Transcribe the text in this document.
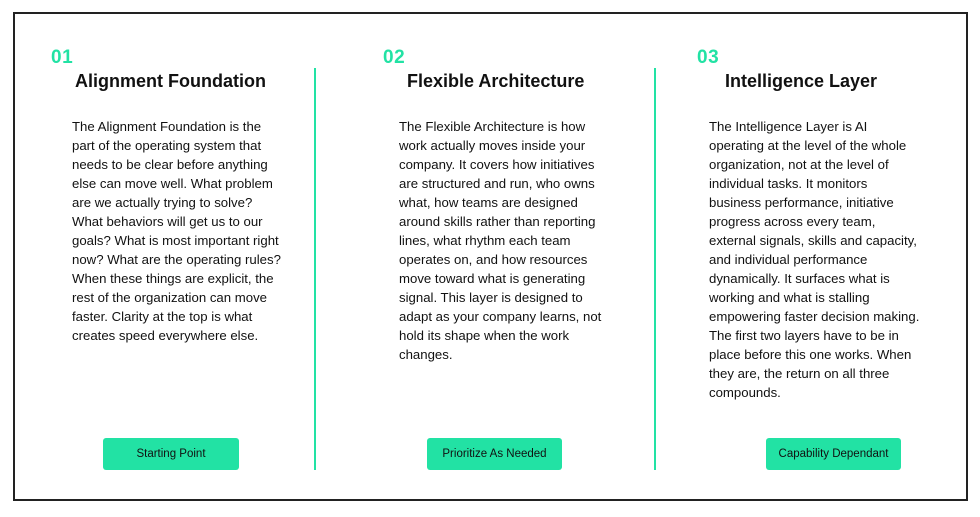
01
Alignment Foundation
The Alignment Foundation is the part of the operating system that needs to be clear before anything else can move well. What problem are we actually trying to solve? What behaviors will get us to our goals? What is most important right now? What are the operating rules? When these things are explicit, the rest of the organization can move faster. Clarity at the top is what creates speed everywhere else.
Starting Point
02
Flexible Architecture
The Flexible Architecture is how work actually moves inside your company. It covers how initiatives are structured and run, who owns what, how teams are designed around skills rather than reporting lines, what rhythm each team operates on, and how resources move toward what is generating signal. This layer is designed to adapt as your company learns, not hold its shape when the work changes.
Prioritize As Needed
03
Intelligence Layer
The Intelligence Layer is AI operating at the level of the whole organization, not at the level of individual tasks. It monitors business performance, initiative progress across every team, external signals, skills and capacity, and individual performance dynamically. It surfaces what is working and what is stalling empowering faster decision making. The first two layers have to be in place before this one works. When they are, the return on all three compounds.
Capability Dependant
